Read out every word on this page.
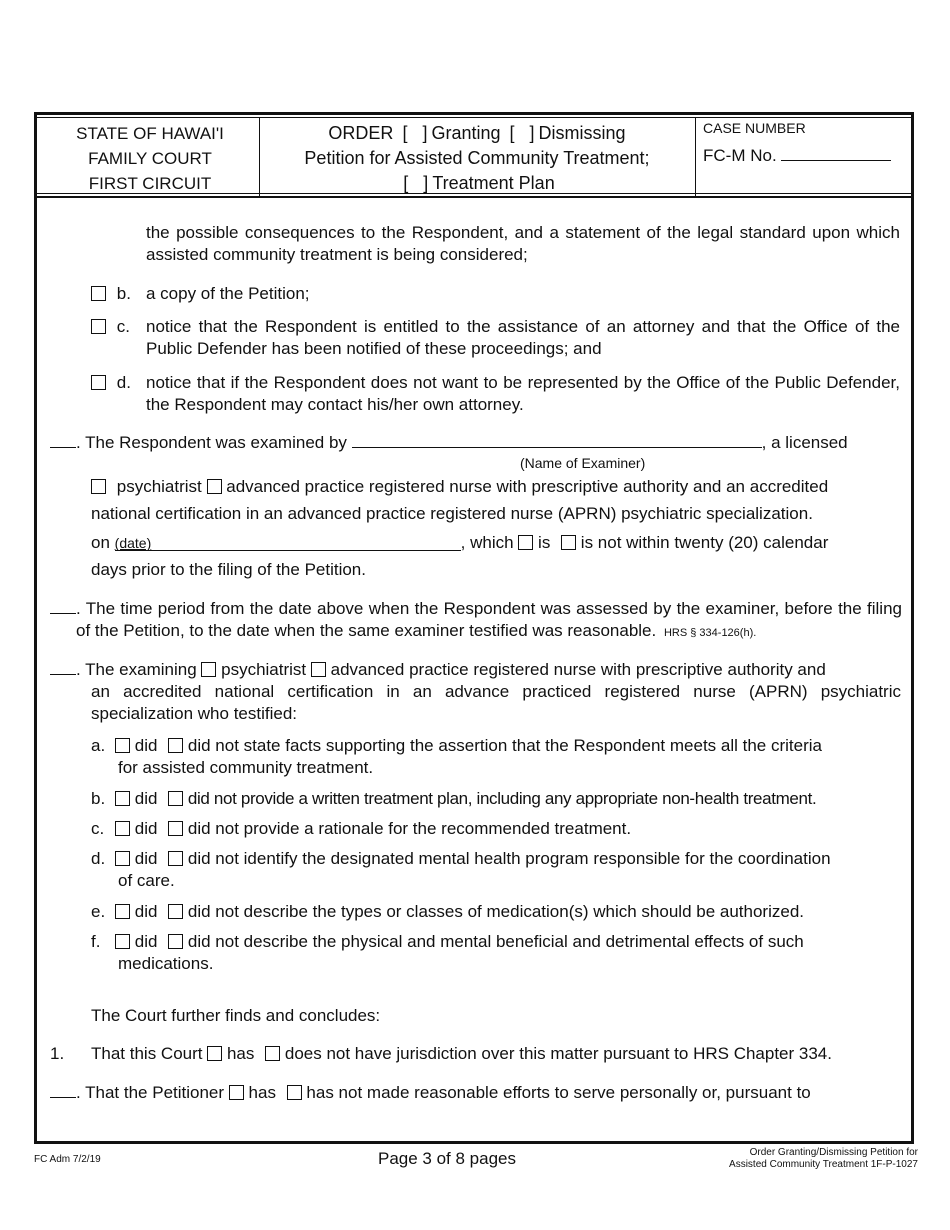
STATE OF HAWAI'I
FAMILY COURT
FIRST CIRCUIT
ORDER [   ] Granting [   ] Dismissing
Petition for Assisted Community Treatment;
[   ] Treatment Plan
CASE NUMBER
FC-M No.
the possible consequences to the Respondent, and a statement of the legal standard upon which assisted community treatment is being considered;
b. a copy of the Petition;
c. notice that the Respondent is entitled to the assistance of an attorney and that the Office of the Public Defender has been notified of these proceedings; and
d. notice that if the Respondent does not want to be represented by the Office of the Public Defender, the Respondent may contact his/her own attorney.
. The Respondent was examined by	, a licensed
(Name of Examiner)
psychiatrist advanced practice registered nurse with prescriptive authority and an accredited
national certification in an advanced practice registered nurse (APRN) psychiatric specialization.
on (date)	, which is is not within twenty (20) calendar
days prior to the filing of the Petition.
. The time period from the date above when the Respondent was assessed by the examiner, before the filing of the Petition, to the date when the same examiner testified was reasonable. HRS § 334-126(h).
. The examining psychiatrist advanced practice registered nurse with prescriptive authority and
an accredited national certification in an advance practiced registered nurse (APRN) psychiatric specialization who testified:
a. did did not state facts supporting the assertion that the Respondent meets all the criteria
for assisted community treatment.
b. did did not provide a written treatment plan, including any appropriate non-health treatment.
c. did did not provide a rationale for the recommended treatment.
d. did did not identify the designated mental health program responsible for the coordination
of care.
e. did did not describe the types or classes of medication(s) which should be authorized.
f. did did not describe the physical and mental beneficial and detrimental effects of such
medications.
The Court further finds and concludes:
1. That this Court has does not have jurisdiction over this matter pursuant to HRS Chapter 334.
. That the Petitioner has has not made reasonable efforts to serve personally or, pursuant to
FC Adm 7/2/19	Page 3 of 8 pages	Order Granting/Dismissing Petition for
Assisted Community Treatment 1F-P-1027
